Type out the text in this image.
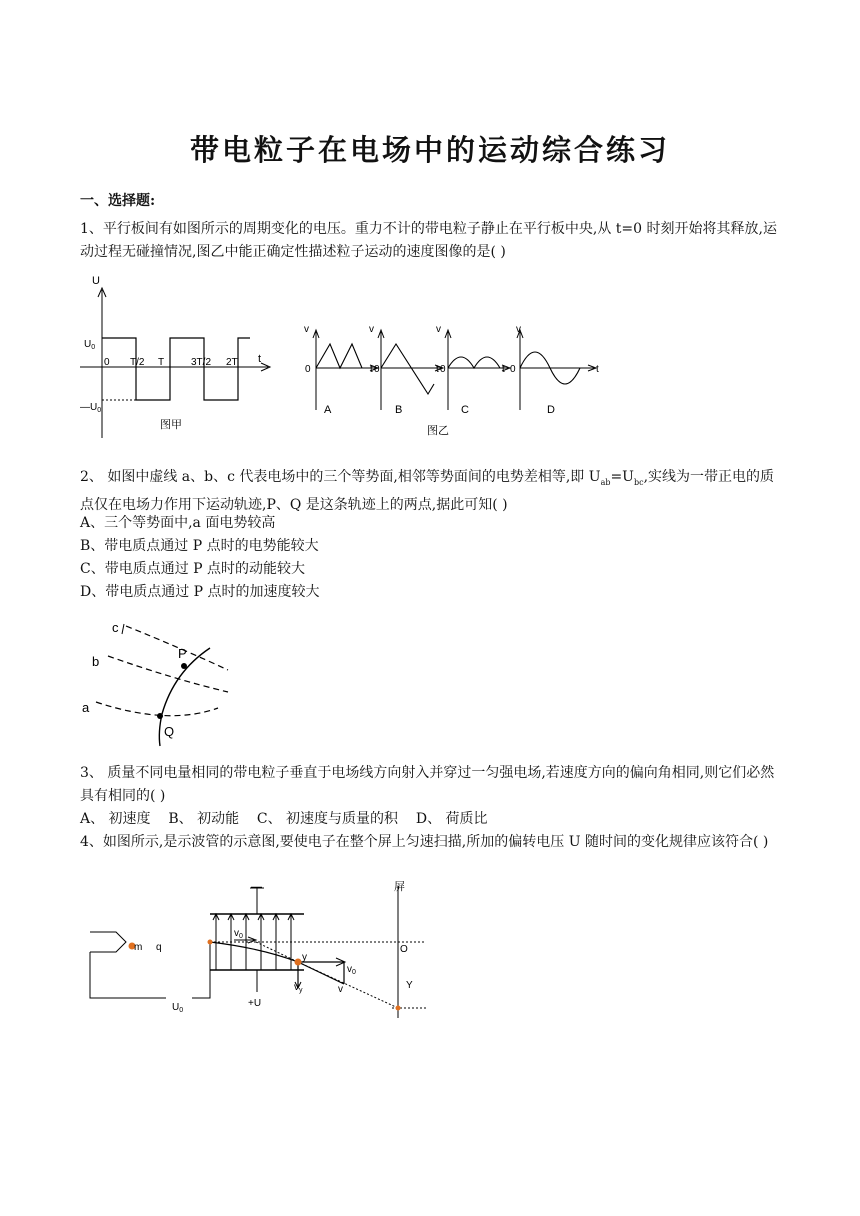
带电粒子在电场中的运动综合练习
一、选择题:
1、平行板间有如图所示的周期变化的电压。重力不计的带电粒子静止在平行板中央,从 t=0 时刻开始将其释放,运动过程无碰撞情况,图乙中能正确定性描述粒子运动的速度图像的是( )
U
t
$U_0$
$—U_0$
0 T/2 T	3T/2 2T
图甲
v	v	v	v
0	t 0	t 0	t 0	t
A	B	C	D
图乙
2、 如图中虚线 a、b、c 代表电场中的三个等势面,相邻等势面间的电势差相等,即 $U_{ab}=U_{bc}$,实线为一带正电的质点仅在电场力作用下运动轨迹,P、Q 是这条轨迹上的两点,据此可知( )
A、三个等势面中,a 面电势较高
B、带电质点通过 P 点时的电势能较大
C、带电质点通过 P 点时的动能较大
D、带电质点通过 P 点时的加速度较大
c
b
a
P
Q
3、 质量不同电量相同的带电粒子垂直于电场线方向射入并穿过一匀强电场,若速度方向的偏向角相同,则它们必然具有相同的( )
A、 初速度    B、 初动能    C、 初速度与质量的积    D、 荷质比
4、如图所示,是示波管的示意图,要使电子在整个屏上匀速扫描,所加的偏转电压 U 随时间的变化规律应该符合( )
屏
—
+U
m q
$U_0$
$v_0$
$v_0$
$v_y$	v
y
O
Y
